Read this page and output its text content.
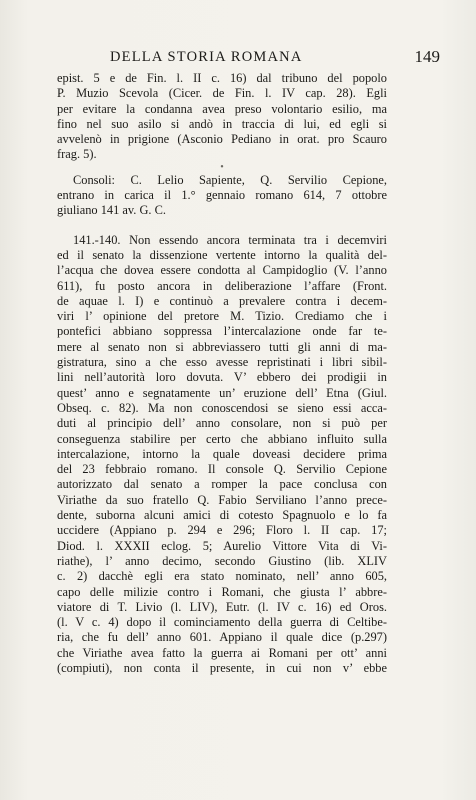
DELLA STORIA ROMANA	149
epist. 5 e de Fin. l. II c. 16) dal tribuno del popolo
P. Muzio Scevola (Cicer. de Fin. l. IV cap. 28). Egli
per evitare la condanna avea preso volontario esilio, ma
fino nel suo asilo si andò in traccia di lui, ed egli si
avvelenò in prigione (Asconio Pediano in orat. pro Scauro
frag. 5).
•
Consoli: C. Lelio Sapiente, Q. Servilio Cepione,
entrano in carica il 1.° gennaio romano 614, 7 ottobre
giuliano 141 av. G. C.
141.-140. Non essendo ancora terminata tra i decemviri
ed il senato la dissenzione vertente intorno la qualità del-
l’acqua che dovea essere condotta al Campidoglio (V. l’anno
611), fu posto ancora in deliberazione l’affare (Front.
de aquae l. I) e continuò a prevalere contra i decem-
viri l’ opinione del pretore M. Tizio. Crediamo che i
pontefici abbiano soppressa l’intercalazione onde far te-
mere al senato non si abbreviassero tutti gli anni di ma-
gistratura, sino a che esso avesse repristinati i libri sibil-
lini nell’autorità loro dovuta. V’ ebbero dei prodigii in
quest’ anno e segnatamente un’ eruzione dell’ Etna (Giul.
Obseq. c. 82). Ma non conoscendosi se sieno essi acca-
duti al principio dell’ anno consolare, non si può per
conseguenza stabilire per certo che abbiano influito sulla
intercalazione, intorno la quale doveasi decidere prima
del 23 febbraio romano. Il console Q. Servilio Cepione
autorizzato dal senato a romper la pace conclusa con
Viriathe da suo fratello Q. Fabio Serviliano l’anno prece-
dente, suborna alcuni amici di cotesto Spagnuolo e lo fa
uccidere (Appiano p. 294 e 296; Floro l. II cap. 17;
Diod. l. XXXII eclog. 5; Aurelio Vittore Vita di Vi-
riathe), l’ anno decimo, secondo Giustino (lib. XLIV
c. 2) dacchè egli era stato nominato, nell’ anno 605,
capo delle milizie contro i Romani, che giusta l’ abbre-
viatore di T. Livio (l. LIV), Eutr. (l. IV c. 16) ed Oros.
(l. V c. 4) dopo il cominciamento della guerra di Celtibe-
ria, che fu dell’ anno 601. Appiano il quale dice (p.297)
che Viriathe avea fatto la guerra ai Romani per ott’ anni
(compiuti), non conta il presente, in cui non v’ ebbe
